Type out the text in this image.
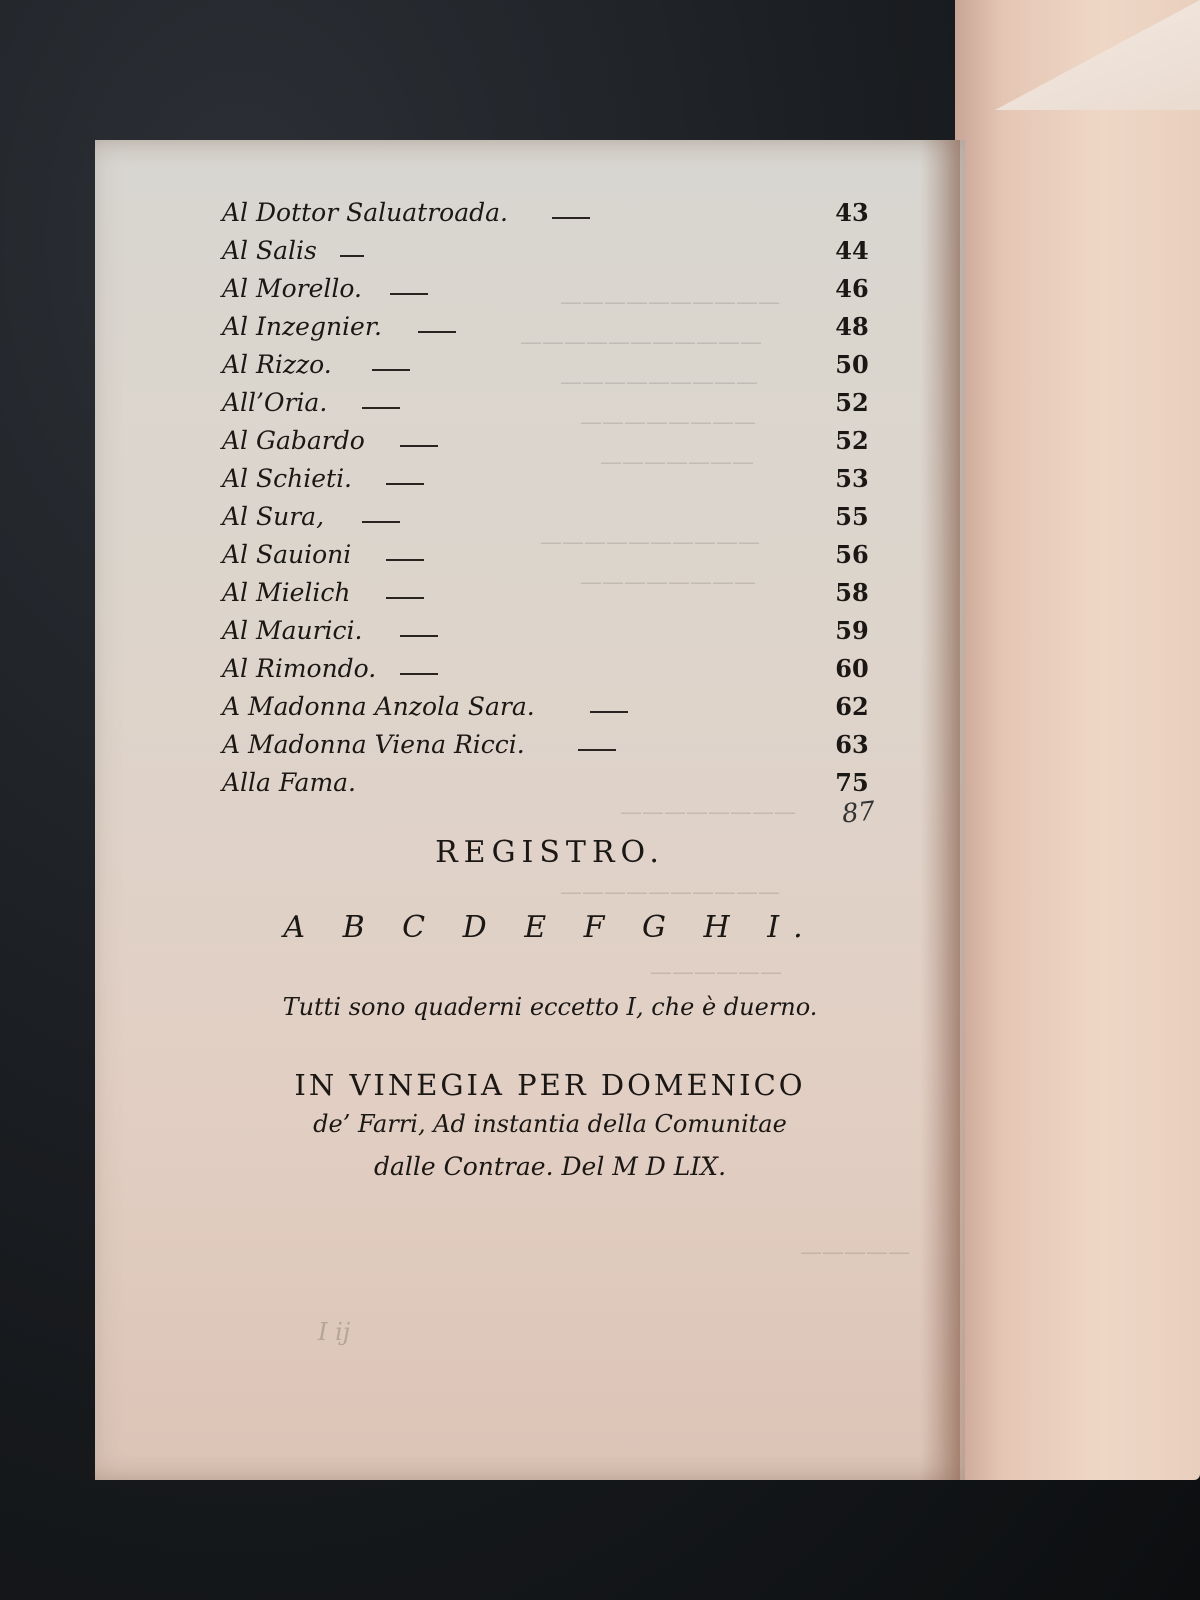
——————————
———————————
—————————
————————
———————
——————————
————————
————————
——————————
——————
—————
Al Dottor Saluatroada.	43
Al Salis	44
Al Morello.	46
Al Inzegnier.	48
Al Rizzo.	50
All’Oria.	52
Al Gabardo	52
Al Schieti.	53
Al Sura,	55
Al Sauioni	56
Al Mielich	58
Al Maurici.	59
Al Rimondo.	60
A Madonna Anzola Sara.	62
A Madonna Viena Ricci.	63
Alla Fama.	75
87
REGISTRO.
A B C D E F G H I.
Tutti sono quaderni eccetto I, che è duerno.
IN VINEGIA PER DOMENICO
de’ Farri, Ad instantia della Comunitae
dalle Contrae. Del M D LIX.
I ij
